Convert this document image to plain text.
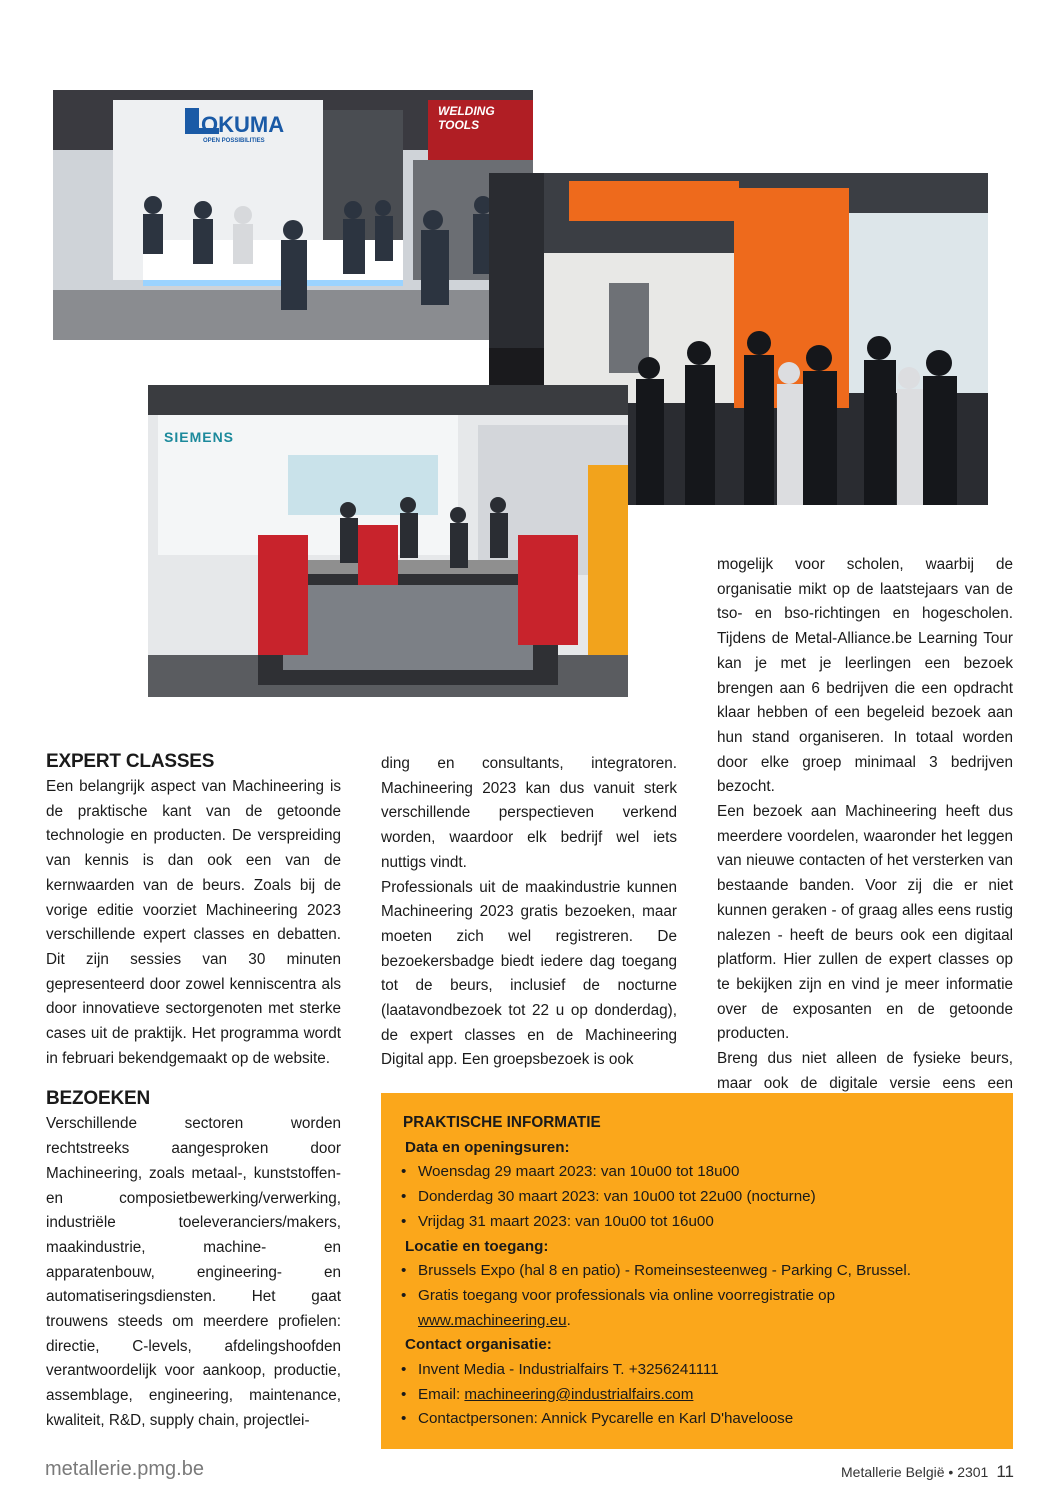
OKUMA
OPEN POSSIBILITIES
WELDING TOOLS
SIEMENS
EXPERT CLASSES

Een belangrijk aspect van Machineering is de praktische kant van de getoonde technologie en producten. De verspreiding van kennis is dan ook een van de kernwaarden van de beurs. Zoals bij de vorige editie voorziet Machineering 2023 verschillende expert classes en debatten. Dit zijn sessies van 30 minuten gepresenteerd door zowel kenniscentra als door innovatieve sectorgenoten met sterke cases uit de praktijk. Het programma wordt in februari bekendgemaakt op de website.

BEZOEKEN

Verschillende sectoren worden rechtstreeks aangesproken door Machineering, zoals metaal-, kunststoffen- en composietbewerking/verwerking, industriële toeleveranciers/makers, maakindustrie, machine- en apparatenbouw, engineering- en automatiseringsdiensten. Het gaat trouwens steeds om meerdere profielen: directie, C-levels, afdelingshoofden verantwoordelijk voor aankoop, productie, assemblage, engineering, maintenance, kwaliteit, R&D, supply chain, projectlei-

ding en consultants, integratoren. Machineering 2023 kan dus vanuit sterk verschillende perspectieven verkend worden, waardoor elk bedrijf wel iets nuttigs vindt.

Professionals uit de maakindustrie kunnen Machineering 2023 gratis bezoeken, maar moeten zich wel registreren. De bezoekersbadge biedt iedere dag toegang tot de beurs, inclusief de nocturne (laatavondbezoek tot 22 u op donderdag), de expert classes en de Machineering Digital app. Een groepsbezoek is ook

mogelijk voor scholen, waarbij de organisatie mikt op de laatstejaars van de tso- en bso-richtingen en hogescholen. Tijdens de Metal-Alliance.be Learning Tour kan je met je leerlingen een bezoek brengen aan 6 bedrijven die een opdracht klaar hebben of een begeleid bezoek aan hun stand organiseren. In totaal worden door elke groep minimaal 3 bedrijven bezocht.

Een bezoek aan Machineering heeft dus meerdere voordelen, waaronder het leggen van nieuwe contacten of het versterken van bestaande banden. Voor zij die er niet kunnen geraken - of graag alles eens rustig nalezen - heeft de beurs ook een digitaal platform. Hier zullen de expert classes op te bekijken zijn en vind je meer informatie over de exposanten en de getoonde producten.

Breng dus niet alleen de fysieke beurs, maar ook de digitale versie eens een

PRAKTISCHE INFORMATIE
Data en openingsuren:
• Woensdag 29 maart 2023: van 10u00 tot 18u00
• Donderdag 30 maart 2023: van 10u00 tot 22u00 (nocturne)
• Vrijdag 31 maart 2023: van 10u00 tot 16u00
Locatie en toegang:
• Brussels Expo (hal 8 en patio) - Romeinsesteenweg - Parking C, Brussel.
• Gratis toegang voor professionals via online voorregistratie op
www.machineering.eu.
Contact organisatie:
• Invent Media - Industrialfairs T. +3256241111
• Email: machineering@industrialfairs.com
• Contactpersonen: Annick Pycarelle en Karl D'haveloose
metallerie.pmg.be	Metallerie België • 2301 11
